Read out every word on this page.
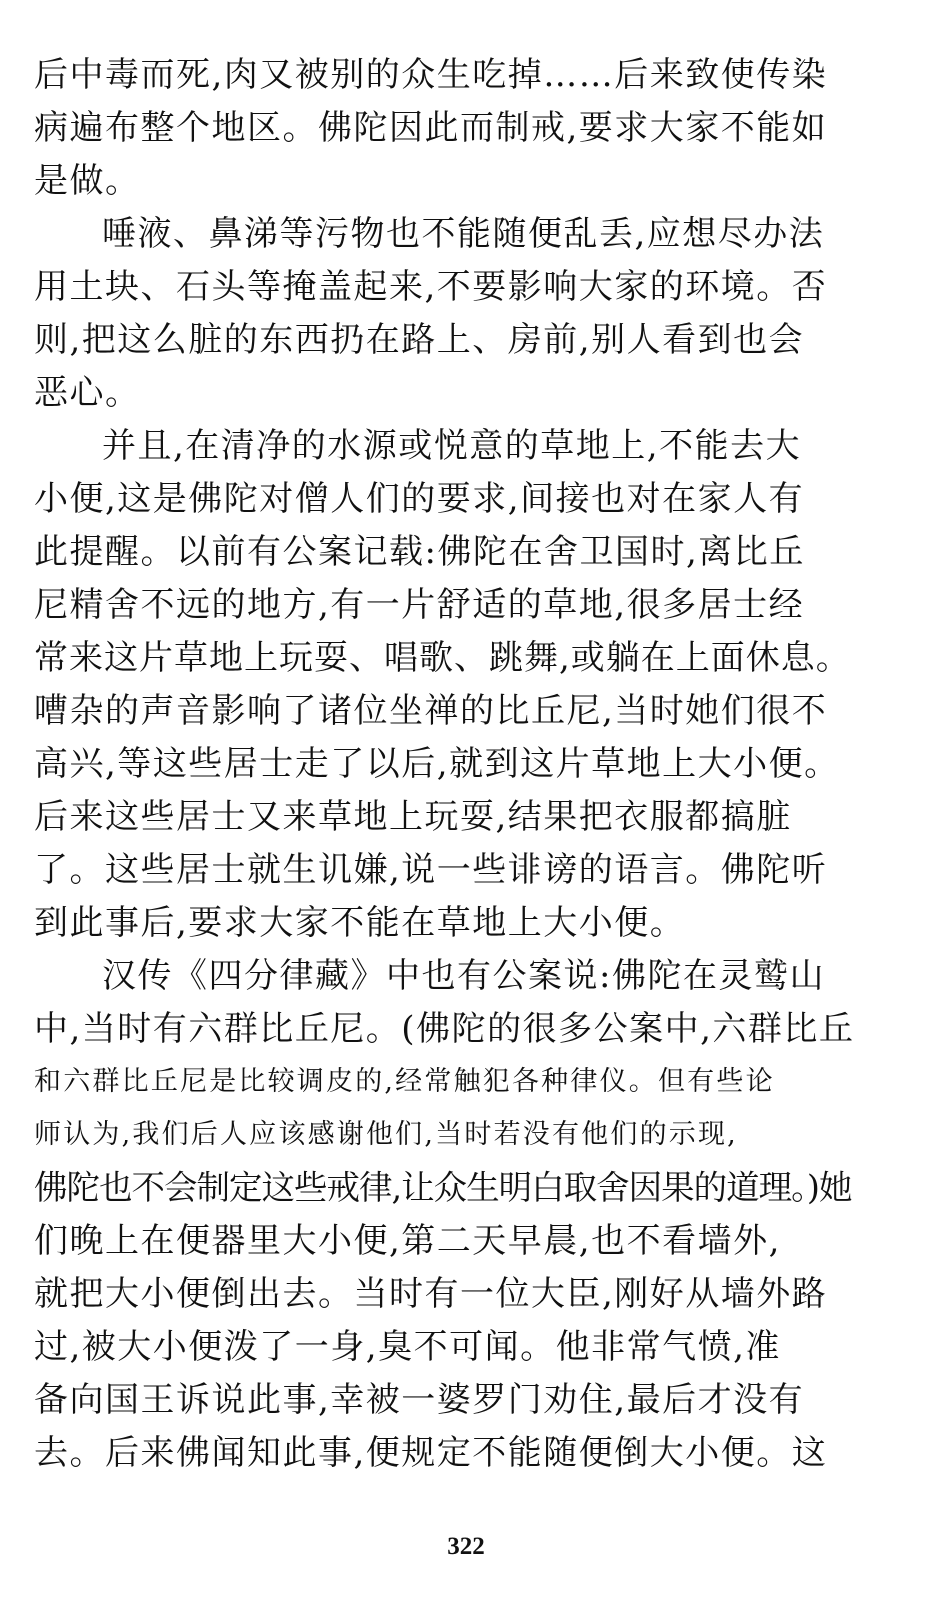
后中毒而死,肉又被别的众生吃掉……后来致使传染
病遍布整个地区。佛陀因此而制戒,要求大家不能如
是做。
唾液、鼻涕等污物也不能随便乱丢,应想尽办法
用土块、石头等掩盖起来,不要影响大家的环境。否
则,把这么脏的东西扔在路上、房前,别人看到也会
恶心。
并且,在清净的水源或悦意的草地上,不能去大
小便,这是佛陀对僧人们的要求,间接也对在家人有
此提醒。以前有公案记载:佛陀在舍卫国时,离比丘
尼精舍不远的地方,有一片舒适的草地,很多居士经
常来这片草地上玩耍、唱歌、跳舞,或躺在上面休息。
嘈杂的声音影响了诸位坐禅的比丘尼,当时她们很不
高兴,等这些居士走了以后,就到这片草地上大小便。
后来这些居士又来草地上玩耍,结果把衣服都搞脏
了。这些居士就生讥嫌,说一些诽谤的语言。佛陀听
到此事后,要求大家不能在草地上大小便。
汉传《四分律藏》中也有公案说:佛陀在灵鹫山
中,当时有六群比丘尼。(佛陀的很多公案中,六群比丘
和六群比丘尼是比较调皮的,经常触犯各种律仪。但有些论
师认为,我们后人应该感谢他们,当时若没有他们的示现,
佛陀也不会制定这些戒律,让众生明白取舍因果的道理。)她
们晚上在便器里大小便,第二天早晨,也不看墙外,
就把大小便倒出去。当时有一位大臣,刚好从墙外路
过,被大小便泼了一身,臭不可闻。他非常气愤,准
备向国王诉说此事,幸被一婆罗门劝住,最后才没有
去。后来佛闻知此事,便规定不能随便倒大小便。这
322
